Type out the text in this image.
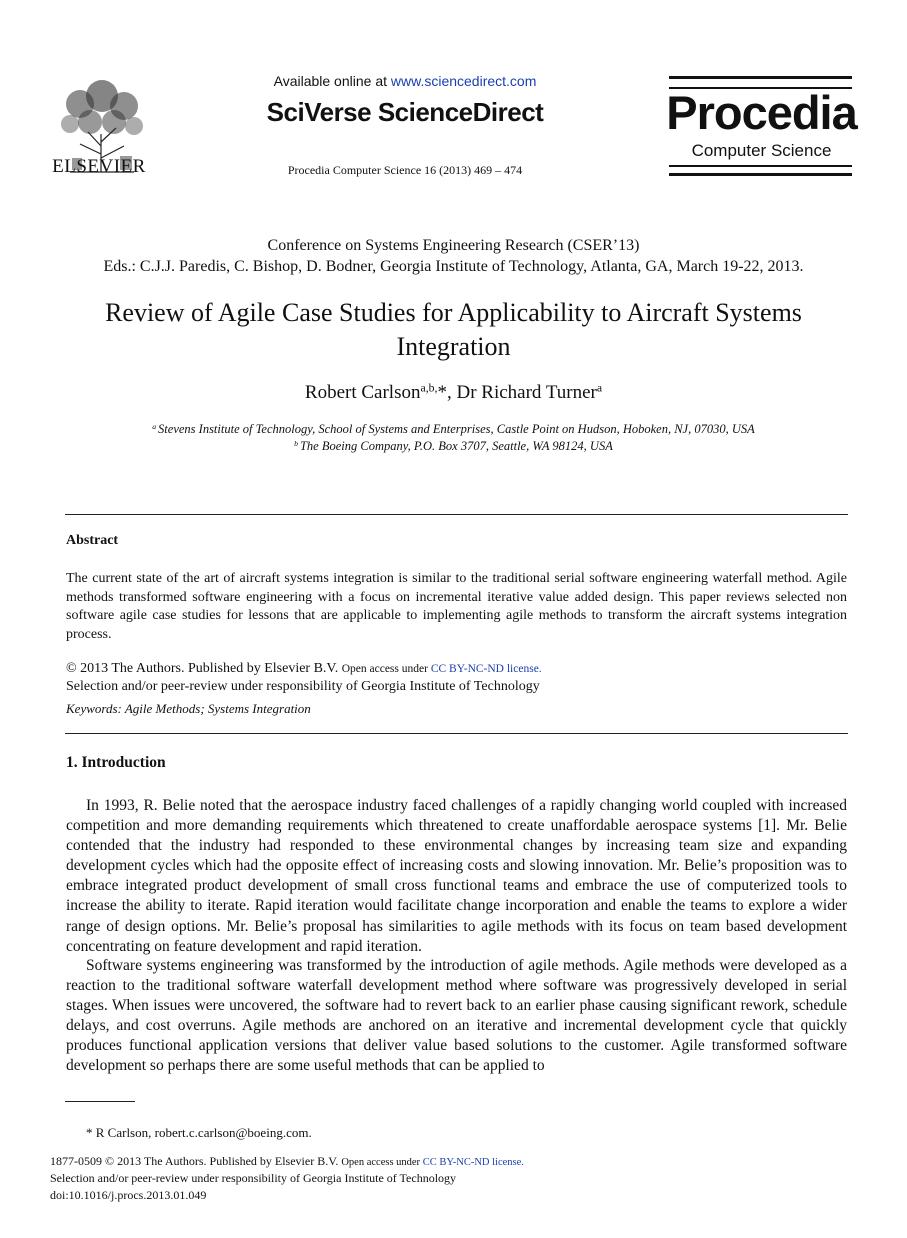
ELSEVIER
Available online at www.sciencedirect.com
SciVerse ScienceDirect
Procedia Computer Science 16 (2013) 469 – 474
Procedia
Computer Science
Conference on Systems Engineering Research (CSER’13)
Eds.: C.J.J. Paredis, C. Bishop, D. Bodner, Georgia Institute of Technology, Atlanta, GA, March 19-22, 2013.
Review of Agile Case Studies for Applicability to Aircraft Systems Integration
Robert Carlson$^{a,b,}$*, Dr Richard Turner$^a$
$^a$ Stevens Institute of Technology, School of Systems and Enterprises, Castle Point on Hudson, Hoboken, NJ, 07030, USA
$^b$ The Boeing Company, P.O. Box 3707, Seattle, WA 98124, USA
Abstract
The current state of the art of aircraft systems integration is similar to the traditional serial software engineering waterfall method. Agile methods transformed software engineering with a focus on incremental iterative value added design. This paper reviews selected non software agile case studies for lessons that are applicable to implementing agile methods to transform the aircraft systems integration process.
© 2013 The Authors. Published by Elsevier B.V. Open access under CC BY-NC-ND license.
Selection and/or peer-review under responsibility of Georgia Institute of Technology
Keywords: Agile Methods; Systems Integration
1. Introduction
In 1993, R. Belie noted that the aerospace industry faced challenges of a rapidly changing world coupled with increased competition and more demanding requirements which threatened to create unaffordable aerospace systems [1]. Mr. Belie contended that the industry had responded to these environmental changes by increasing team size and expanding development cycles which had the opposite effect of increasing costs and slowing innovation. Mr. Belie’s proposition was to embrace integrated product development of small cross functional teams and embrace the use of computerized tools to increase the ability to iterate. Rapid iteration would facilitate change incorporation and enable the teams to explore a wider range of design options. Mr. Belie’s proposal has similarities to agile methods with its focus on team based development concentrating on feature development and rapid iteration.
Software systems engineering was transformed by the introduction of agile methods. Agile methods were developed as a reaction to the traditional software waterfall development method where software was progressively developed in serial stages. When issues were uncovered, the software had to revert back to an earlier phase causing significant rework, schedule delays, and cost overruns. Agile methods are anchored on an iterative and incremental development cycle that quickly produces functional application versions that deliver value based solutions to the customer. Agile transformed software development so perhaps there are some useful methods that can be applied to
* R Carlson, robert.c.carlson@boeing.com.
1877-0509 © 2013 The Authors. Published by Elsevier B.V. Open access under CC BY-NC-ND license.
Selection and/or peer-review under responsibility of Georgia Institute of Technology
doi:10.1016/j.procs.2013.01.049
